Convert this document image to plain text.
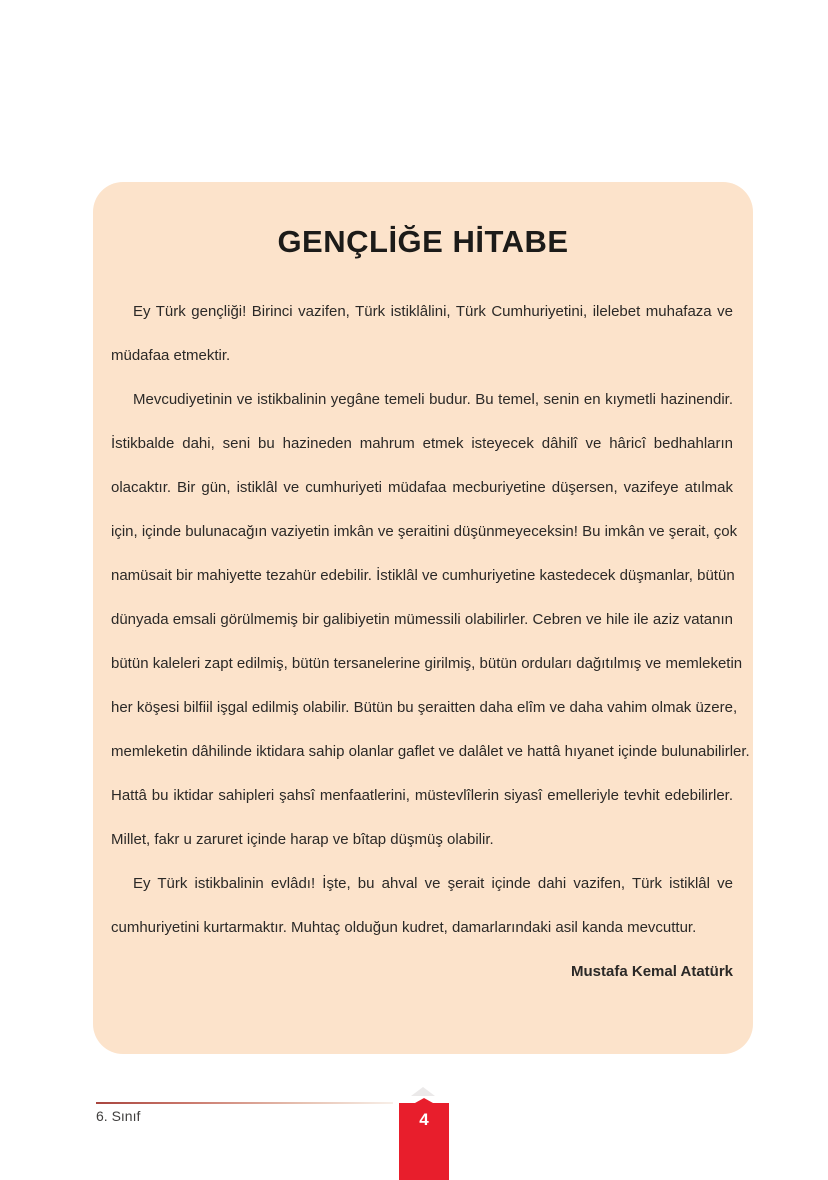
GENÇLİĞE HİTABE
Ey Türk gençliği! Birinci vazifen, Türk istiklâlini, Türk Cumhuriyetini, ilelebet muhafaza ve
müdafaa etmektir.
Mevcudiyetinin ve istikbalinin yegâne temeli budur. Bu temel, senin en kıymetli hazinendir.
İstikbalde dahi, seni bu hazineden mahrum etmek isteyecek dâhilî ve hâricî bedhahların
olacaktır. Bir gün, istiklâl ve cumhuriyeti müdafaa mecburiyetine düşersen, vazifeye atılmak
için, içinde bulunacağın vaziyetin imkân ve şeraitini düşünmeyeceksin! Bu imkân ve şerait, çok
namüsait bir mahiyette tezahür edebilir. İstiklâl ve cumhuriyetine kastedecek düşmanlar, bütün
dünyada emsali görülmemiş bir galibiyetin mümessili olabilirler. Cebren ve hile ile aziz vatanın
bütün kaleleri zapt edilmiş, bütün tersanelerine girilmiş, bütün orduları dağıtılmış ve memleketin
her köşesi bilfiil işgal edilmiş olabilir. Bütün bu şeraitten daha elîm ve daha vahim olmak üzere,
memleketin dâhilinde iktidara sahip olanlar gaflet ve dalâlet ve hattâ hıyanet içinde bulunabilirler.
Hattâ bu iktidar sahipleri şahsî menfaatlerini, müstevlîlerin siyasî emelleriyle tevhit edebilirler.
Millet, fakr u zaruret içinde harap ve bîtap düşmüş olabilir.
Ey Türk istikbalinin evlâdı! İşte, bu ahval ve şerait içinde dahi vazifen, Türk istiklâl ve
cumhuriyetini kurtarmaktır. Muhtaç olduğun kudret, damarlarındaki asil kanda mevcuttur.
Mustafa Kemal Atatürk
6. Sınıf	4
